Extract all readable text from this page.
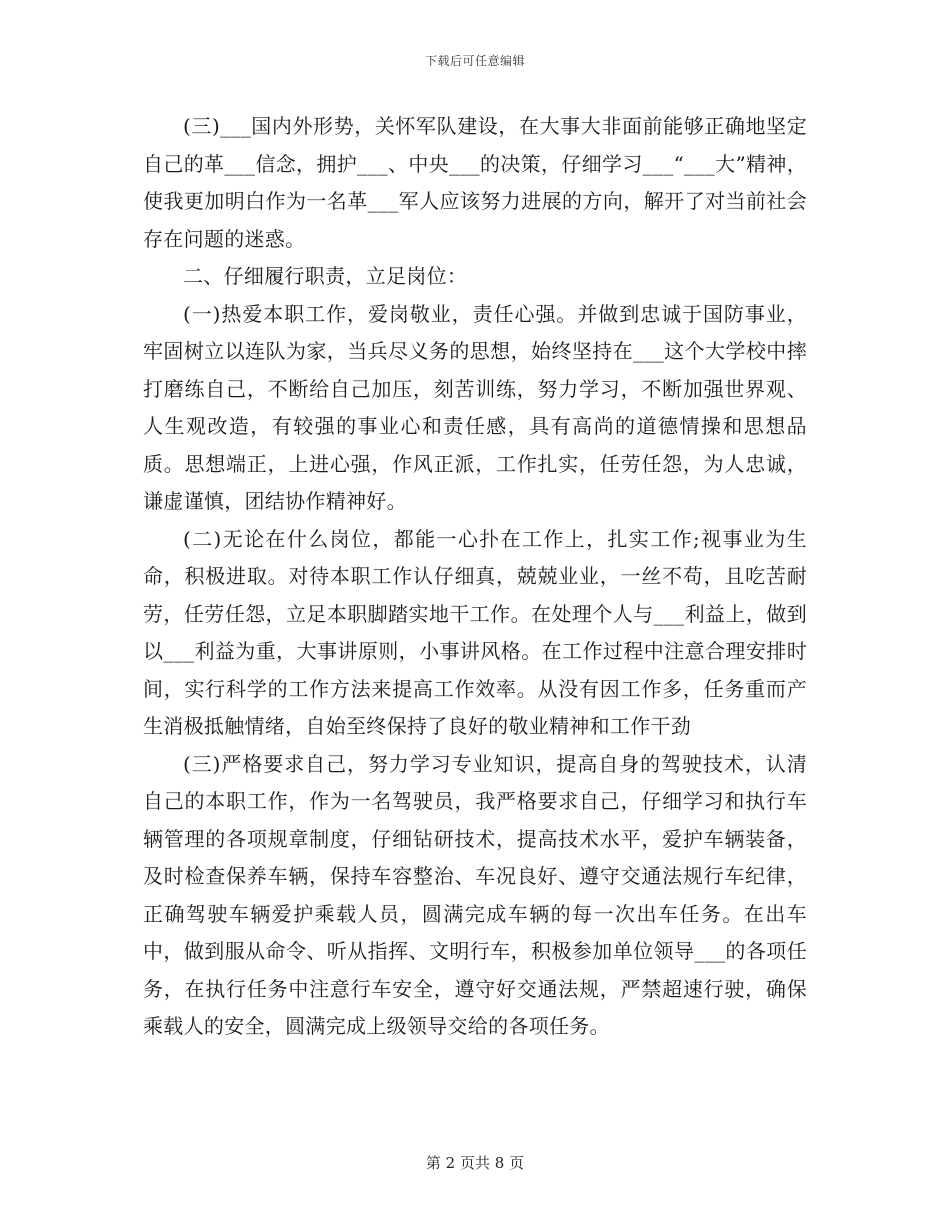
下载后可任意编辑

(三)___国内外形势，关怀军队建设，在大事大非面前能够正确地坚定自己的革___信念，拥护___、中央___的决策，仔细学习___“___大”精神，使我更加明白作为一名革___军人应该努力进展的方向，解开了对当前社会存在问题的迷惑。

二、仔细履行职责，立足岗位：

(一)热爱本职工作，爱岗敬业，责任心强。并做到忠诚于国防事业，牢固树立以连队为家，当兵尽义务的思想，始终坚持在___这个大学校中摔打磨练自己，不断给自己加压，刻苦训练，努力学习，不断加强世界观、人生观改造，有较强的事业心和责任感，具有高尚的道德情操和思想品质。思想端正，上进心强，作风正派，工作扎实，任劳任怨，为人忠诚，谦虚谨慎，团结协作精神好。

(二)无论在什么岗位，都能一心扑在工作上，扎实工作;视事业为生命，积极进取。对待本职工作认仔细真，兢兢业业，一丝不苟，且吃苦耐劳，任劳任怨，立足本职脚踏实地干工作。在处理个人与___利益上，做到以___利益为重，大事讲原则，小事讲风格。在工作过程中注意合理安排时间，实行科学的工作方法来提高工作效率。从没有因工作多，任务重而产生消极抵触情绪，自始至终保持了良好的敬业精神和工作干劲

(三)严格要求自己，努力学习专业知识，提高自身的驾驶技术，认清自己的本职工作，作为一名驾驶员，我严格要求自己，仔细学习和执行车辆管理的各项规章制度，仔细钻研技术，提高技术水平，爱护车辆装备，及时检查保养车辆，保持车容整治、车况良好、遵守交通法规行车纪律，正确驾驶车辆爱护乘载人员，圆满完成车辆的每一次出车任务。在出车中，做到服从命令、听从指挥、文明行车，积极参加单位领导___的各项任务，在执行任务中注意行车安全，遵守好交通法规，严禁超速行驶，确保乘载人的安全，圆满完成上级领导交给的各项任务。

第 2 页共 8 页
